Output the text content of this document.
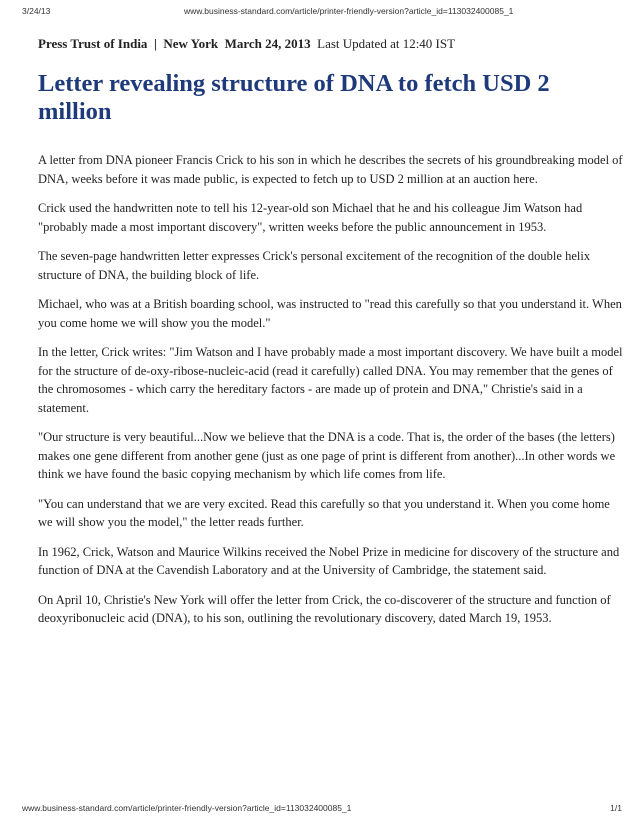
3/24/13	www.business-standard.com/article/printer-friendly-version?article_id=113032400085_1
Press Trust of India | New York March 24, 2013 Last Updated at 12:40 IST
Letter revealing structure of DNA to fetch USD 2 million

A letter from DNA pioneer Francis Crick to his son in which he describes the secrets of his groundbreaking model of DNA, weeks before it was made public, is expected to fetch up to USD 2 million at an auction here.

Crick used the handwritten note to tell his 12-year-old son Michael that he and his colleague Jim Watson had "probably made a most important discovery", written weeks before the public announcement in 1953.

The seven-page handwritten letter expresses Crick's personal excitement of the recognition of the double helix structure of DNA, the building block of life.

Michael, who was at a British boarding school, was instructed to "read this carefully so that you understand it. When you come home we will show you the model."

In the letter, Crick writes: "Jim Watson and I have probably made a most important discovery. We have built a model for the structure of de-oxy-ribose-nucleic-acid (read it carefully) called DNA. You may remember that the genes of the chromosomes - which carry the hereditary factors - are made up of protein and DNA," Christie's said in a statement.

"Our structure is very beautiful...Now we believe that the DNA is a code. That is, the order of the bases (the letters) makes one gene different from another gene (just as one page of print is different from another)...In other words we think we have found the basic copying mechanism by which life comes from life.

"You can understand that we are very excited. Read this carefully so that you understand it. When you come home we will show you the model," the letter reads further.

In 1962, Crick, Watson and Maurice Wilkins received the Nobel Prize in medicine for discovery of the structure and function of DNA at the Cavendish Laboratory and at the University of Cambridge, the statement said.

On April 10, Christie's New York will offer the letter from Crick, the co-discoverer of the structure and function of deoxyribonucleic acid (DNA), to his son, outlining the revolutionary discovery, dated March 19, 1953.

www.business-standard.com/article/printer-friendly-version?article_id=113032400085_1	1/1
